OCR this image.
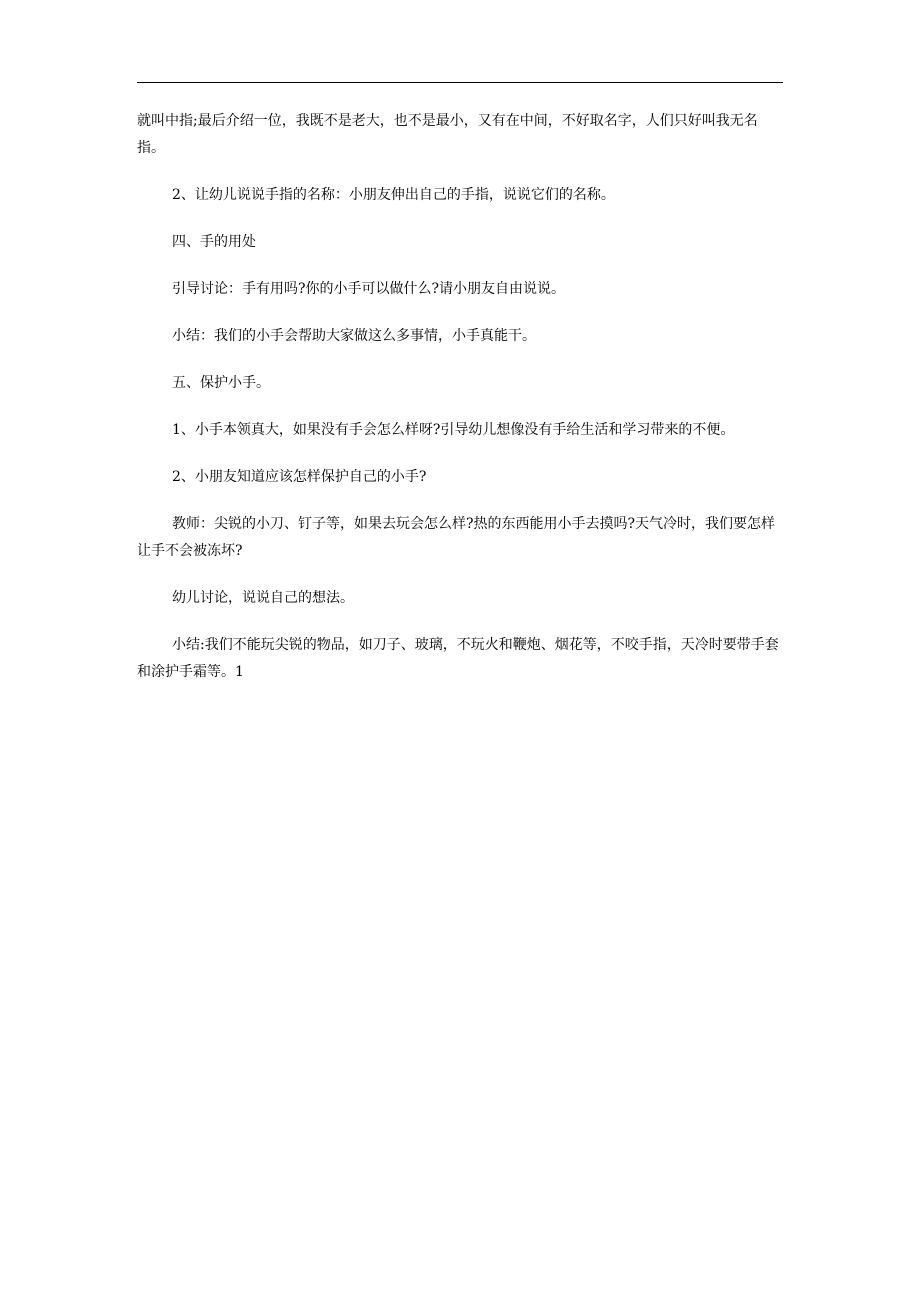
就叫中指;最后介绍一位，我既不是老大，也不是最小，又有在中间，不好取名字，人们只好叫我无名指。

2、让幼儿说说手指的名称：小朋友伸出自己的手指，说说它们的名称。

四、手的用处

引导讨论：手有用吗?你的小手可以做什么?请小朋友自由说说。

小结：我们的小手会帮助大家做这么多事情，小手真能干。

五、保护小手。

1、小手本领真大，如果没有手会怎么样呀?引导幼儿想像没有手给生活和学习带来的不便。

2、小朋友知道应该怎样保护自己的小手?

教师：尖锐的小刀、钉子等，如果去玩会怎么样?热的东西能用小手去摸吗?天气冷时，我们要怎样让手不会被冻坏?

幼儿讨论，说说自己的想法。

小结:我们不能玩尖锐的物品，如刀子、玻璃，不玩火和鞭炮、烟花等，不咬手指，天冷时要带手套和涂护手霜等。1
